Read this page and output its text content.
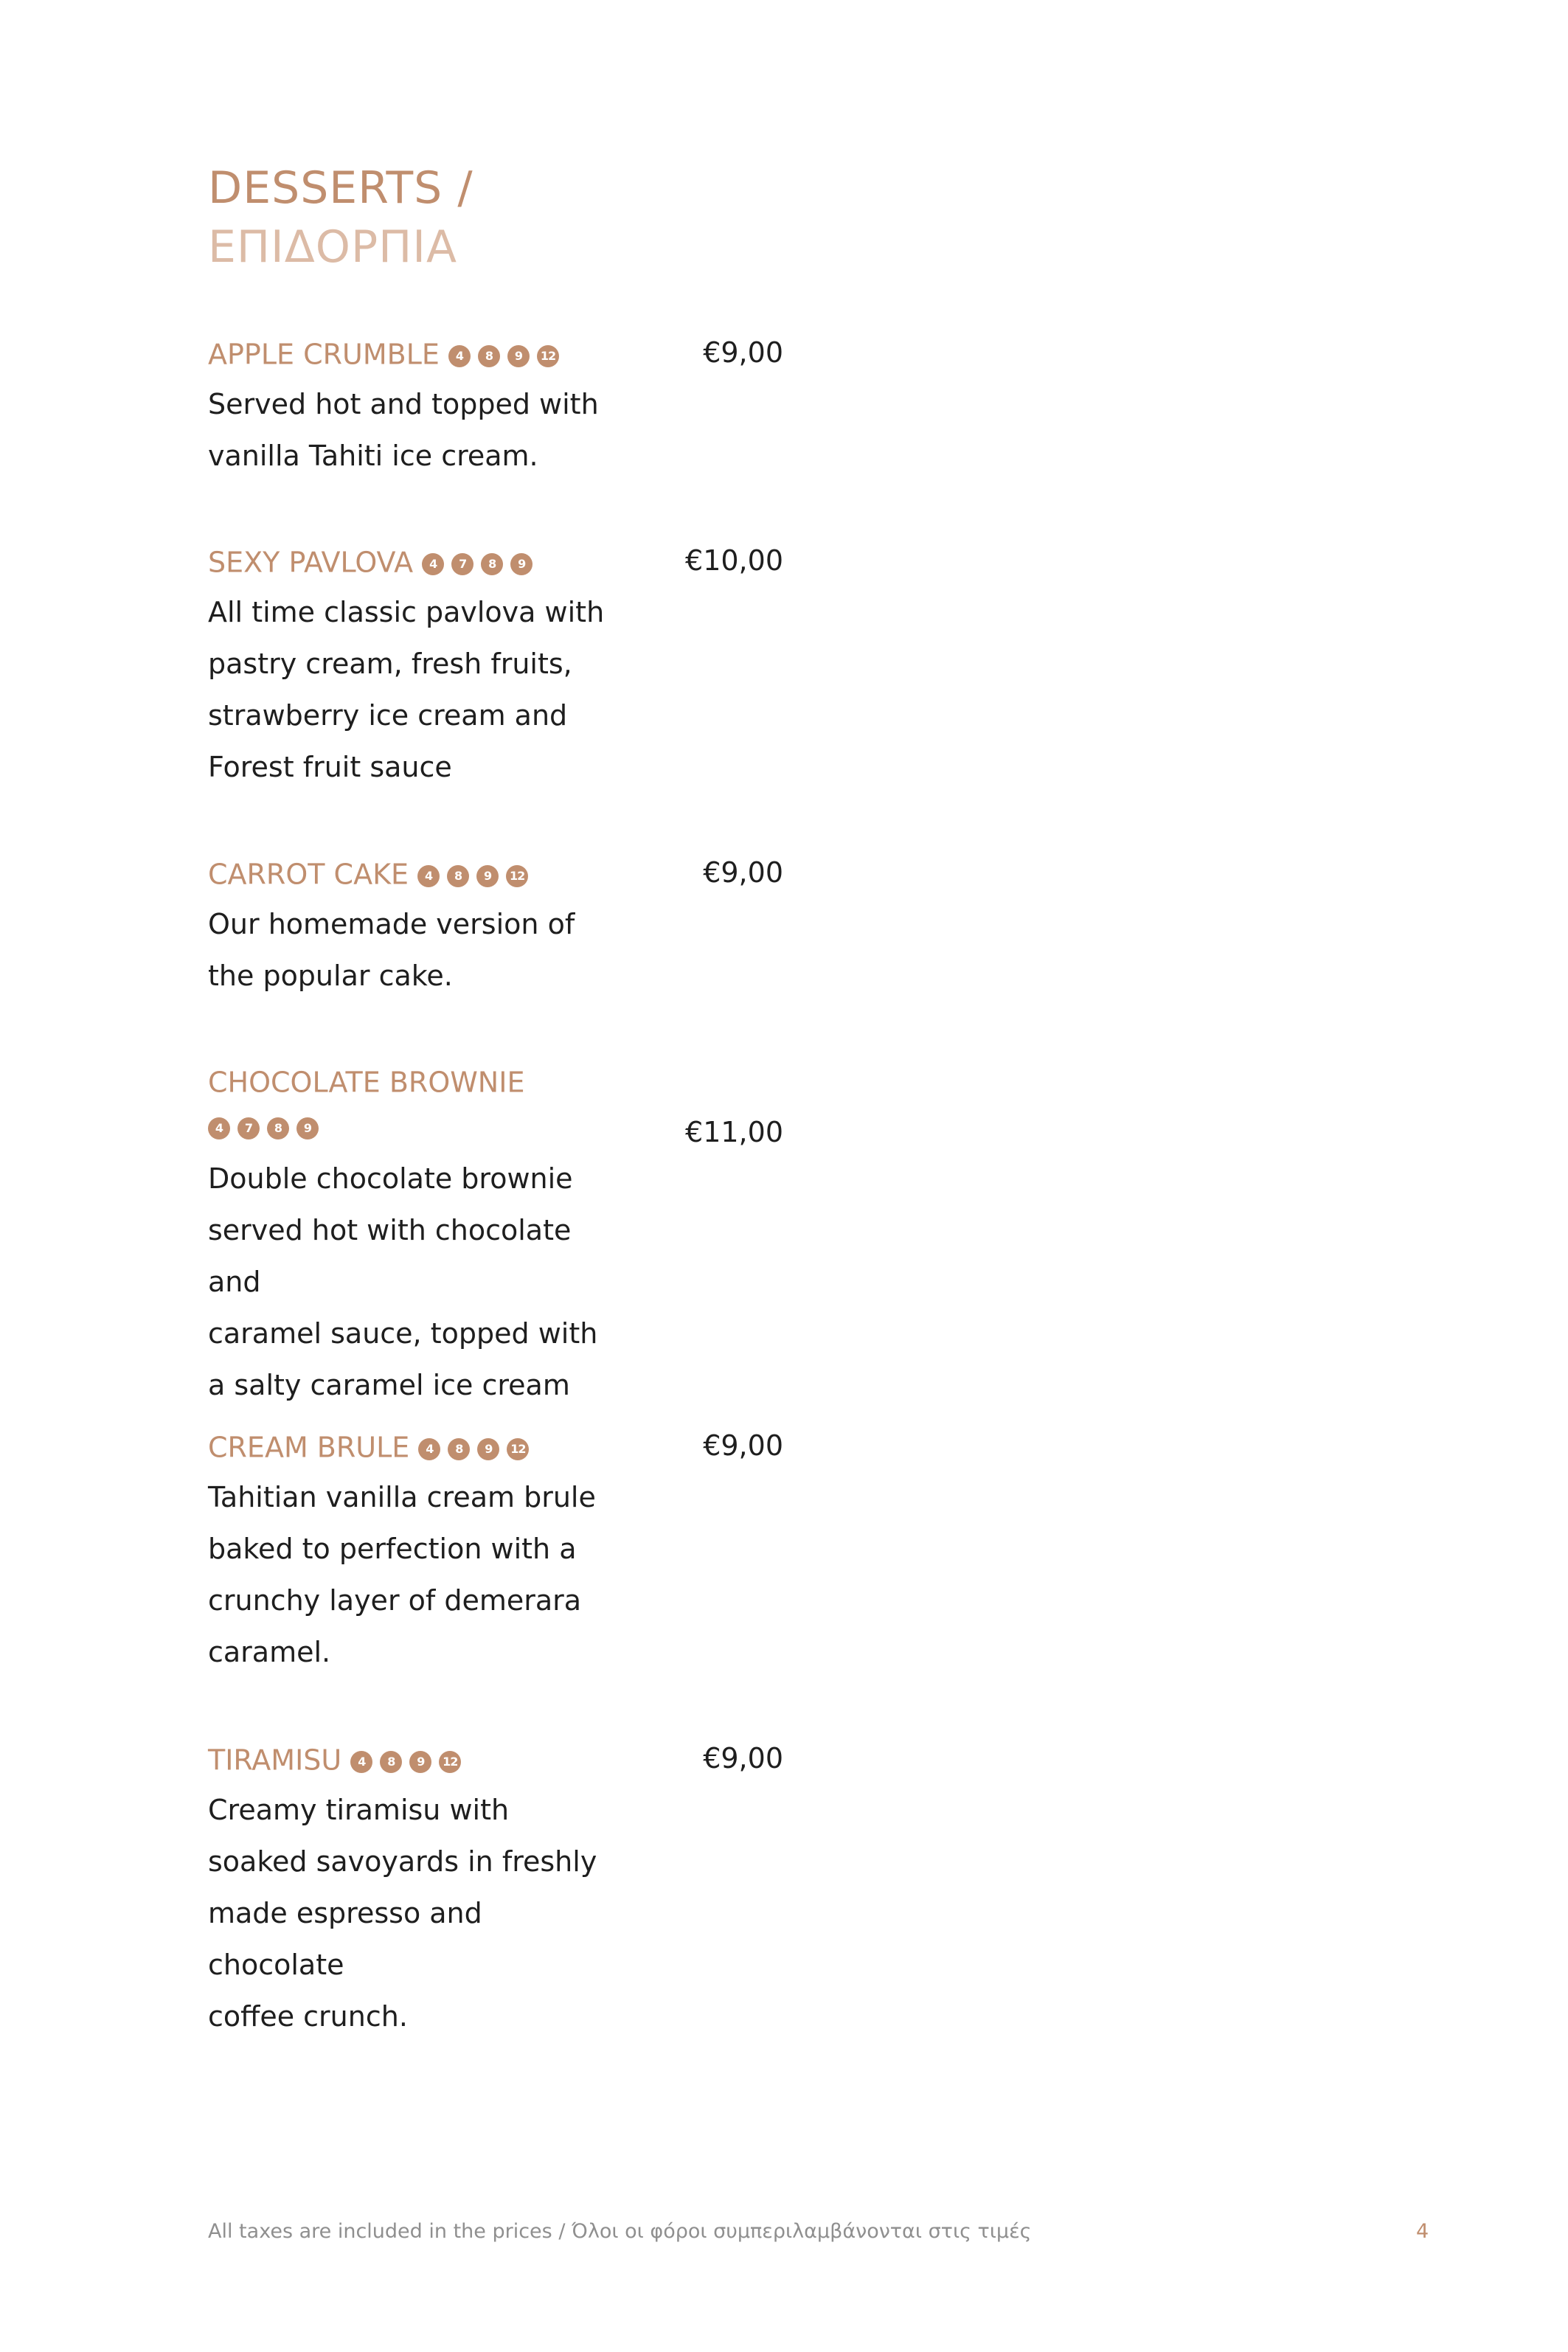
DESSERTS /
ΕΠΙΔΟΡΠΙΑ
€9,00
APPLE CRUMBLE 4 8 9 12

Served hot and topped with
vanilla Tahiti ice cream.

€10,00
SEXY PAVLOVA 4 7 8 9

All time classic pavlova with
pastry cream, fresh fruits,
strawberry ice cream and
Forest fruit sauce

€9,00
CARROT CAKE 4 8 9 12

Our homemade version of
the popular cake.

€11,00
CHOCOLATE BROWNIE
4 7 8 9

Double chocolate brownie
served hot with chocolate and
caramel sauce, topped with
a salty caramel ice cream

€9,00
CREAM BRULE 4 8 9 12

Tahitian vanilla cream brule
baked to perfection with a
crunchy layer of demerara
caramel.

€9,00
TIRAMISU 4 8 9 12

Creamy tiramisu with
soaked savoyards in freshly
made espresso and chocolate
coffee crunch.

All taxes are included in the prices / Όλοι οι φόροι συμπεριλαμβάνονται στις τιμές	4
